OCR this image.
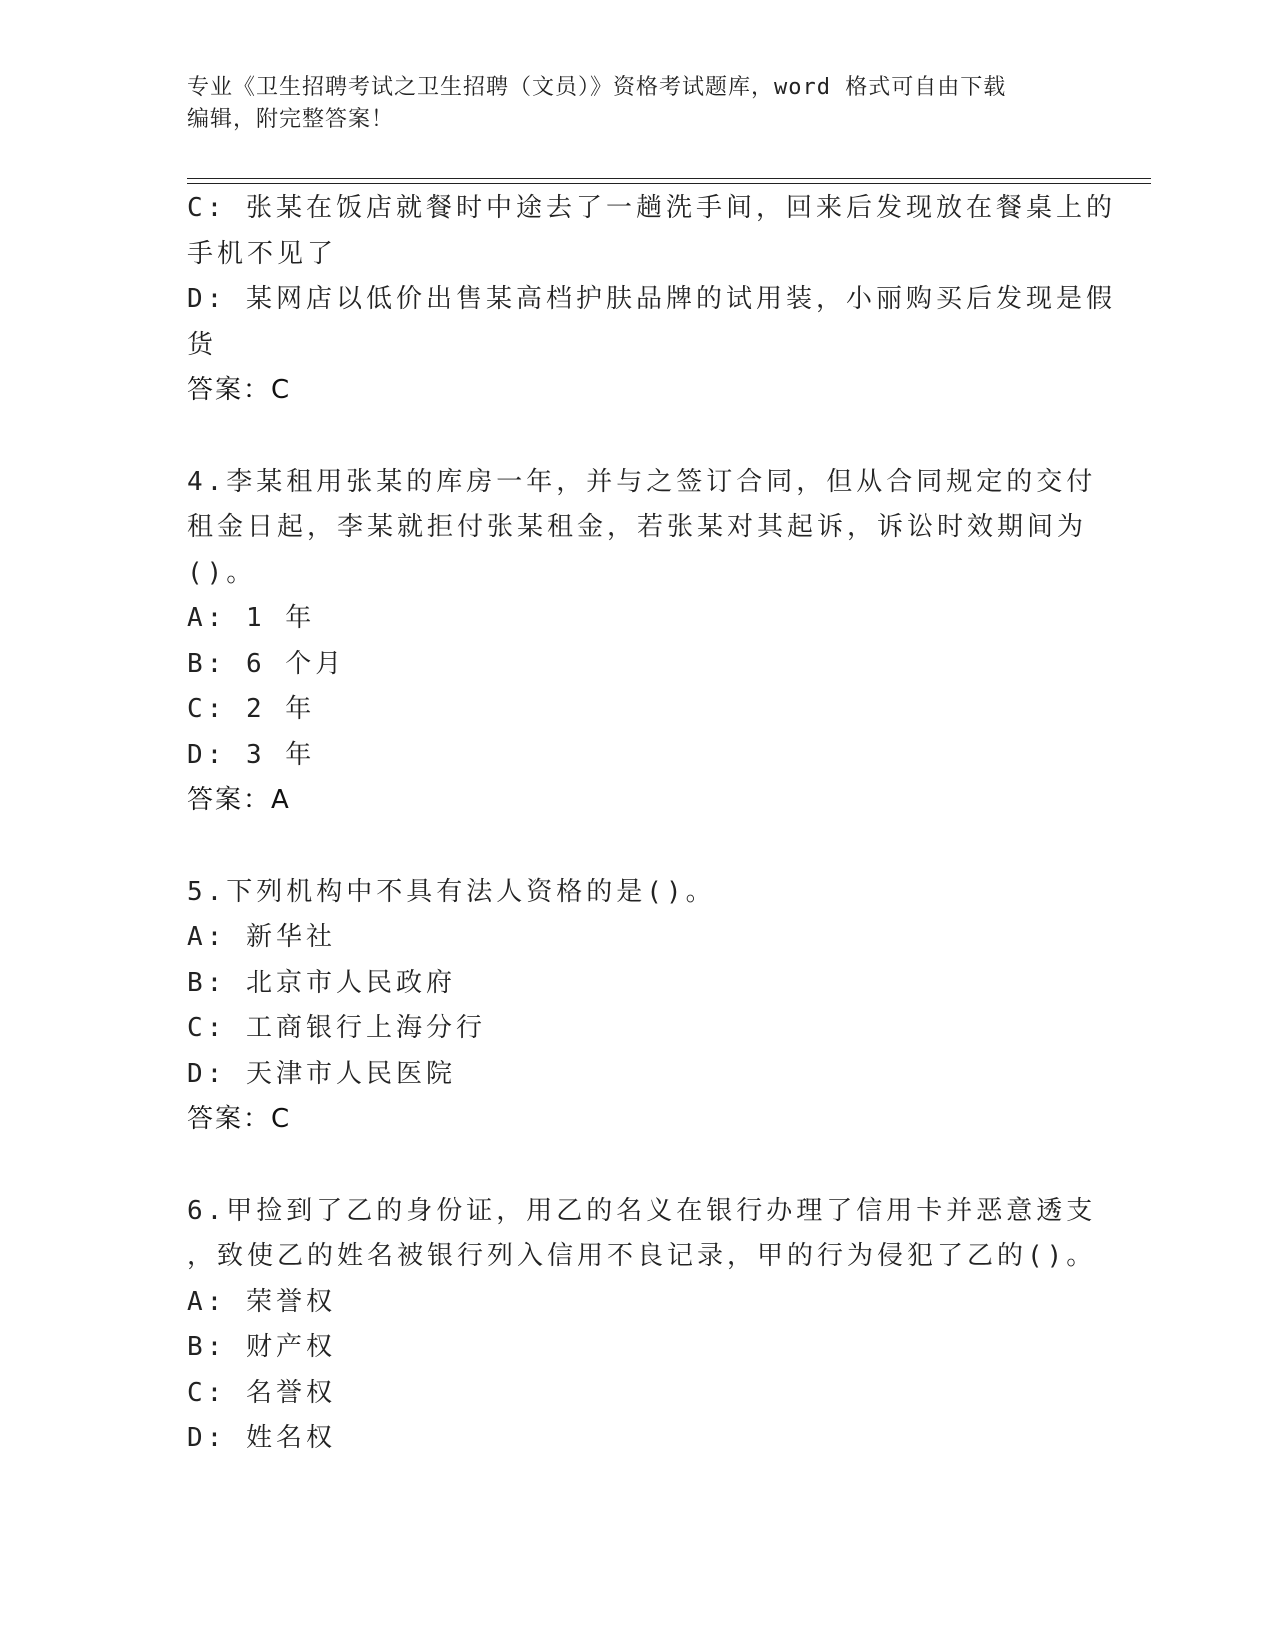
专业《卫生招聘考试之卫生招聘（文员）》资格考试题库，word 格式可自由下载
编辑，附完整答案！
C: 张某在饭店就餐时中途去了一趟洗手间，回来后发现放在餐桌上的
手机不见了
D: 某网店以低价出售某高档护肤品牌的试用装，小丽购买后发现是假
货
答案：C
4.李某租用张某的库房一年，并与之签订合同，但从合同规定的交付
租金日起，李某就拒付张某租金，若张某对其起诉，诉讼时效期间为
()。
A: 1 年
B: 6 个月
C: 2 年
D: 3 年
答案：A
5.下列机构中不具有法人资格的是()。
A: 新华社
B: 北京市人民政府
C: 工商银行上海分行
D: 天津市人民医院
答案：C
6.甲捡到了乙的身份证，用乙的名义在银行办理了信用卡并恶意透支
，致使乙的姓名被银行列入信用不良记录，甲的行为侵犯了乙的()。
A: 荣誉权
B: 财产权
C: 名誉权
D: 姓名权
